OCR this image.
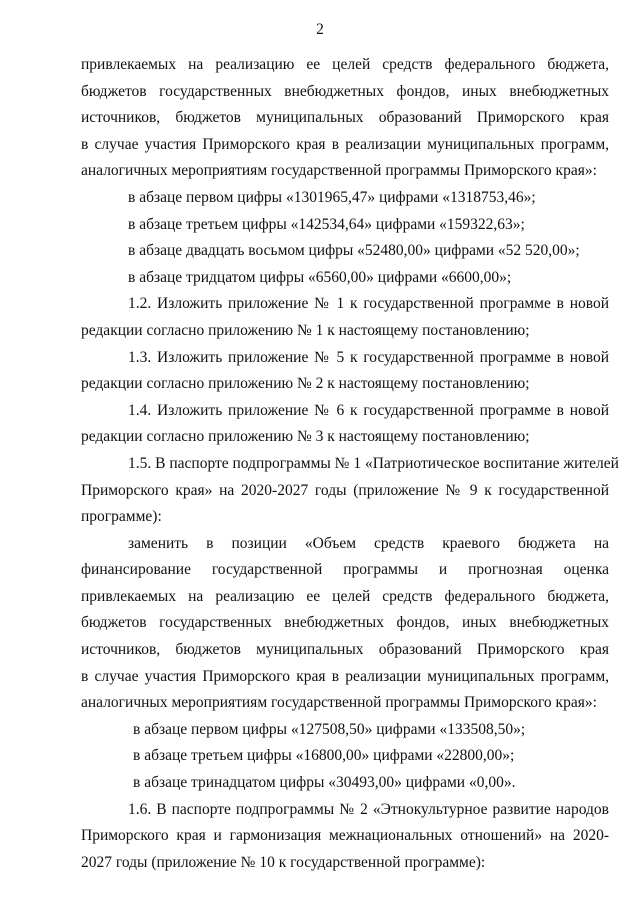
2
привлекаемых на реализацию ее целей средств федерального бюджета,
бюджетов государственных внебюджетных фондов, иных внебюджетных
источников, бюджетов муниципальных образований Приморского края
в случае участия Приморского края в реализации муниципальных программ,
аналогичных мероприятиям государственной программы Приморского края»:
в абзаце первом цифры «1301965,47» цифрами «1318753,46»;
в абзаце третьем цифры «142534,64» цифрами «159322,63»;
в абзаце двадцать восьмом цифры «52480,00» цифрами «52 520,00»;
в абзаце тридцатом цифры «6560,00» цифрами «6600,00»;
1.2. Изложить приложение № 1 к государственной программе в новой
редакции согласно приложению № 1 к настоящему постановлению;
1.3. Изложить приложение № 5 к государственной программе в новой
редакции согласно приложению № 2 к настоящему постановлению;
1.4. Изложить приложение № 6 к государственной программе в новой
редакции согласно приложению № 3 к настоящему постановлению;
1.5. В паспорте подпрограммы № 1 «Патриотическое воспитание жителей
Приморского края» на 2020-2027 годы (приложение № 9 к государственной
программе):
заменить в позиции «Объем средств краевого бюджета на
финансирование государственной программы и прогнозная оценка
привлекаемых на реализацию ее целей средств федерального бюджета,
бюджетов государственных внебюджетных фондов, иных внебюджетных
источников, бюджетов муниципальных образований Приморского края
в случае участия Приморского края в реализации муниципальных программ,
аналогичных мероприятиям государственной программы Приморского края»:
в абзаце первом цифры «127508,50» цифрами «133508,50»;
в абзаце третьем цифры «16800,00» цифрами «22800,00»;
в абзаце тринадцатом цифры «30493,00» цифрами «0,00».
1.6. В паспорте подпрограммы № 2 «Этнокультурное развитие народов
Приморского края и гармонизация межнациональных отношений» на 2020-
2027 годы (приложение № 10 к государственной программе):
